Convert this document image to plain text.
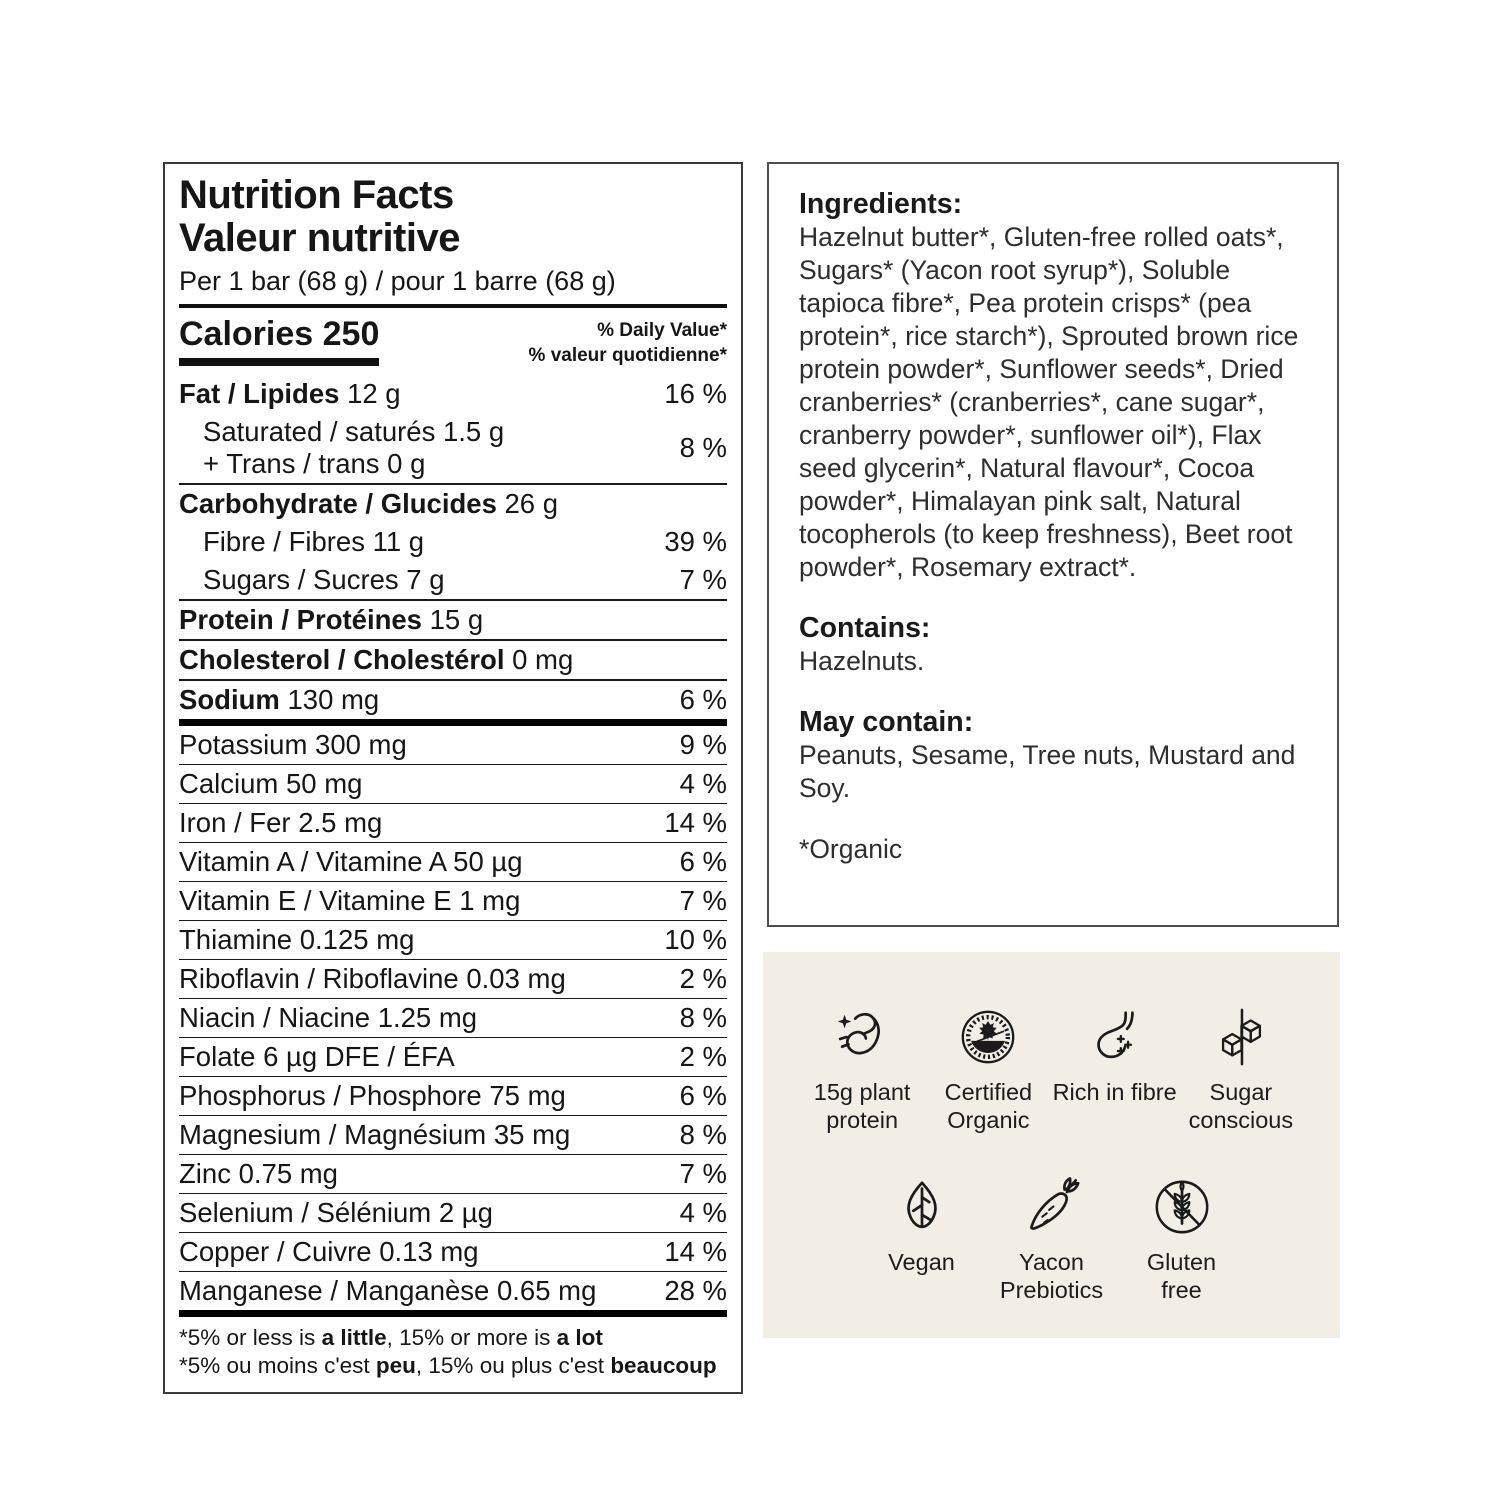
Nutrition Facts
Valeur nutritive
Per 1 bar (68 g) / pour 1 barre (68 g)
Calories 250	% Daily Value*
% valeur quotidienne*
Fat / Lipides 12 g	16 %
Saturated / saturés 1.5 g
+ Trans / trans 0 g
8 %
Carbohydrate / Glucides 26 g
Fibre / Fibres 11 g	39 %
Sugars / Sucres 7 g	7 %
Protein / Protéines 15 g
Cholesterol / Cholestérol 0 mg
Sodium 130 mg	6 %
Potassium 300 mg	9 %
Calcium 50 mg	4 %
Iron / Fer 2.5 mg	14 %
Vitamin A / Vitamine A 50 µg	6 %
Vitamin E / Vitamine E 1 mg	7 %
Thiamine 0.125 mg	10 %
Riboflavin / Riboflavine 0.03 mg	2 %
Niacin / Niacine 1.25 mg	8 %
Folate 6 µg DFE / ÉFA	2 %
Phosphorus / Phosphore 75 mg	6 %
Magnesium / Magnésium 35 mg	8 %
Zinc 0.75 mg	7 %
Selenium / Sélénium 2 µg	4 %
Copper / Cuivre 0.13 mg	14 %
Manganese / Manganèse 0.65 mg	28 %
*5% or less is a little, 15% or more is a lot
*5% ou moins c'est peu, 15% ou plus c'est beaucoup
Ingredients:
Hazelnut butter*, Gluten-free rolled oats*, Sugars* (Yacon root syrup*), Soluble tapioca fibre*, Pea protein crisps* (pea protein*, rice starch*), Sprouted brown rice protein powder*, Sunflower seeds*, Dried cranberries* (cranberries*, cane sugar*, cranberry powder*, sunflower oil*), Flax seed glycerin*, Natural flavour*, Cocoa powder*, Himalayan pink salt, Natural tocopherols (to keep freshness), Beet root powder*, Rosemary extract*.
Contains:
Hazelnuts.
May contain:
Peanuts, Sesame, Tree nuts, Mustard and Soy.
*Organic
15g plant protein
Certified Organic
Rich in fibre	Sugar conscious
Vegan	Yacon Prebiotics
Gluten free
